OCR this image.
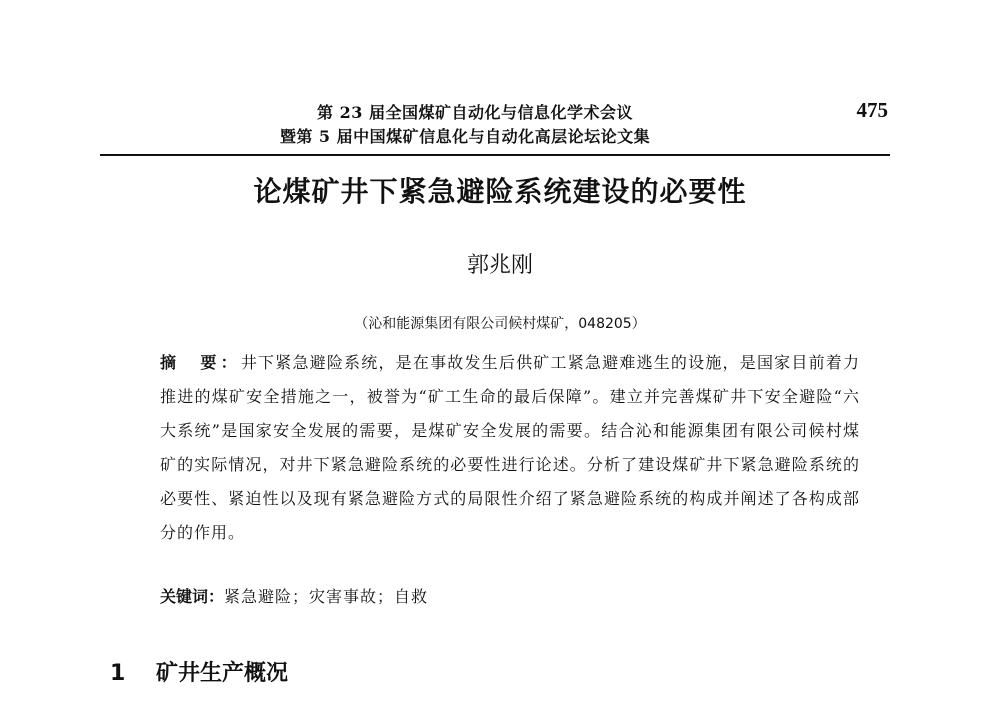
第 23 届全国煤矿自动化与信息化学术会议
暨第 5 届中国煤矿信息化与自动化高层论坛论文集
475
论煤矿井下紧急避险系统建设的必要性
郭兆刚
（沁和能源集团有限公司候村煤矿，048205）
摘　要：井下紧急避险系统，是在事故发生后供矿工紧急避难逃生的设施，是国家目前着力推进的煤矿安全措施之一，被誉为“矿工生命的最后保障”。建立并完善煤矿井下安全避险“六大系统”是国家安全发展的需要，是煤矿安全发展的需要。结合沁和能源集团有限公司候村煤矿的实际情况，对井下紧急避险系统的必要性进行论述。分析了建设煤矿井下紧急避险系统的必要性、紧迫性以及现有紧急避险方式的局限性介绍了紧急避险系统的构成并阐述了各构成部分的作用。
关键词：紧急避险；灾害事故；自救
1 矿井生产概况
